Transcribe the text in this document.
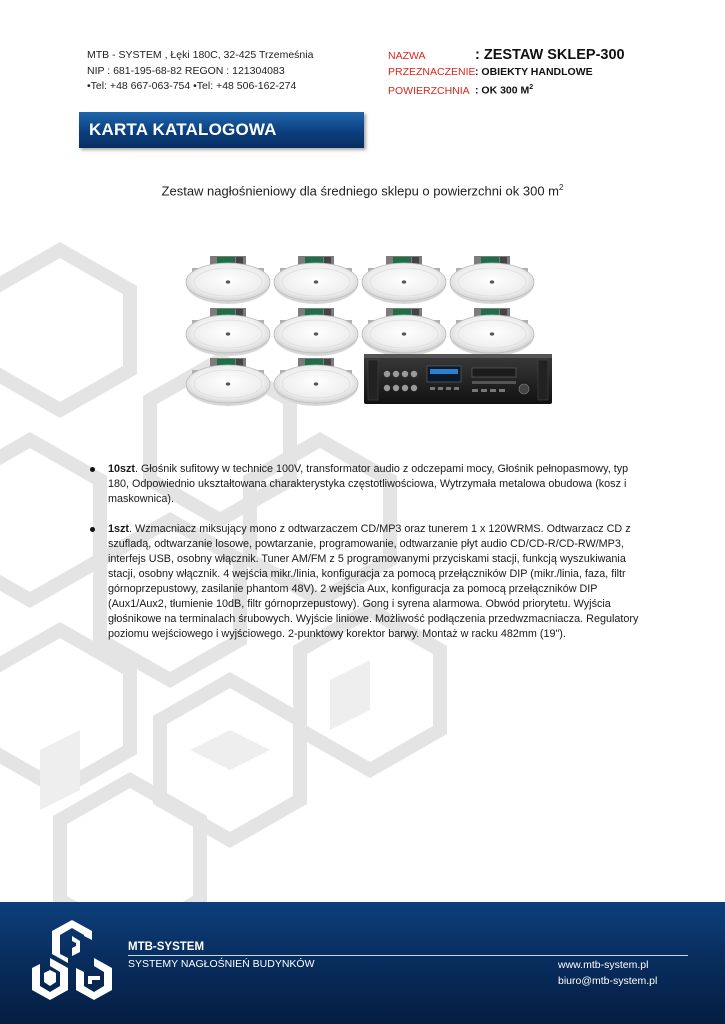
MTB - SYSTEM , Łęki 180C, 32-425 Trzemeśnia
NIP : 681-195-68-82 REGON : 121304083
•Tel: +48 667-063-754 •Tel: +48 506-162-274
NAZWA	: ZESTAW SKLEP-300
PRZEZNACZENIE : OBIEKTY HANDLOWE
POWIERZCHNIA : OK 300 $M^2$
KARTA KATALOGOWA
Zestaw nagłośnieniowy dla średniego sklepu o powierzchni ok 300 $m^2$
10szt. Głośnik sufitowy w technice 100V, transformator audio z odczepami mocy, Głośnik pełnopasmowy, typ 180, Odpowiednio ukształtowana charakterystyka częstotliwościowa, Wytrzymała metalowa obudowa (kosz i maskownica).
1szt. Wzmacniacz miksujący mono z odtwarzaczem CD/MP3 oraz tunerem 1 x 120WRMS. Odtwarzacz CD z szufladą, odtwarzanie losowe, powtarzanie, programowanie, odtwarzanie płyt audio CD/CD-R/CD-RW/MP3, interfejs USB, osobny włącznik. Tuner AM/FM z 5 programowanymi przyciskami stacji, funkcją wyszukiwania stacji, osobny włącznik. 4 wejścia mikr./linia, konfiguracja za pomocą przełączników DIP (mikr./linia, faza, filtr górnoprzepustowy, zasilanie phantom 48V). 2 wejścia Aux, konfiguracja za pomocą przełączników DIP (Aux1/Aux2, tłumienie 10dB, filtr górnoprzepustowy). Gong i syrena alarmowa. Obwód priorytetu. Wyjścia głośnikowe na terminalach śrubowych. Wyjście liniowe. Możliwość podłączenia przedwzmacniacza. Regulatory poziomu wejściowego i wyjściowego. 2-punktowy korektor barwy. Montaż w racku 482mm (19").
MTB-SYSTEM
SYSTEMY NAGŁOŚNIEŃ BUDYNKÓW	www.mtb-system.pl
biuro@mtb-system.pl
